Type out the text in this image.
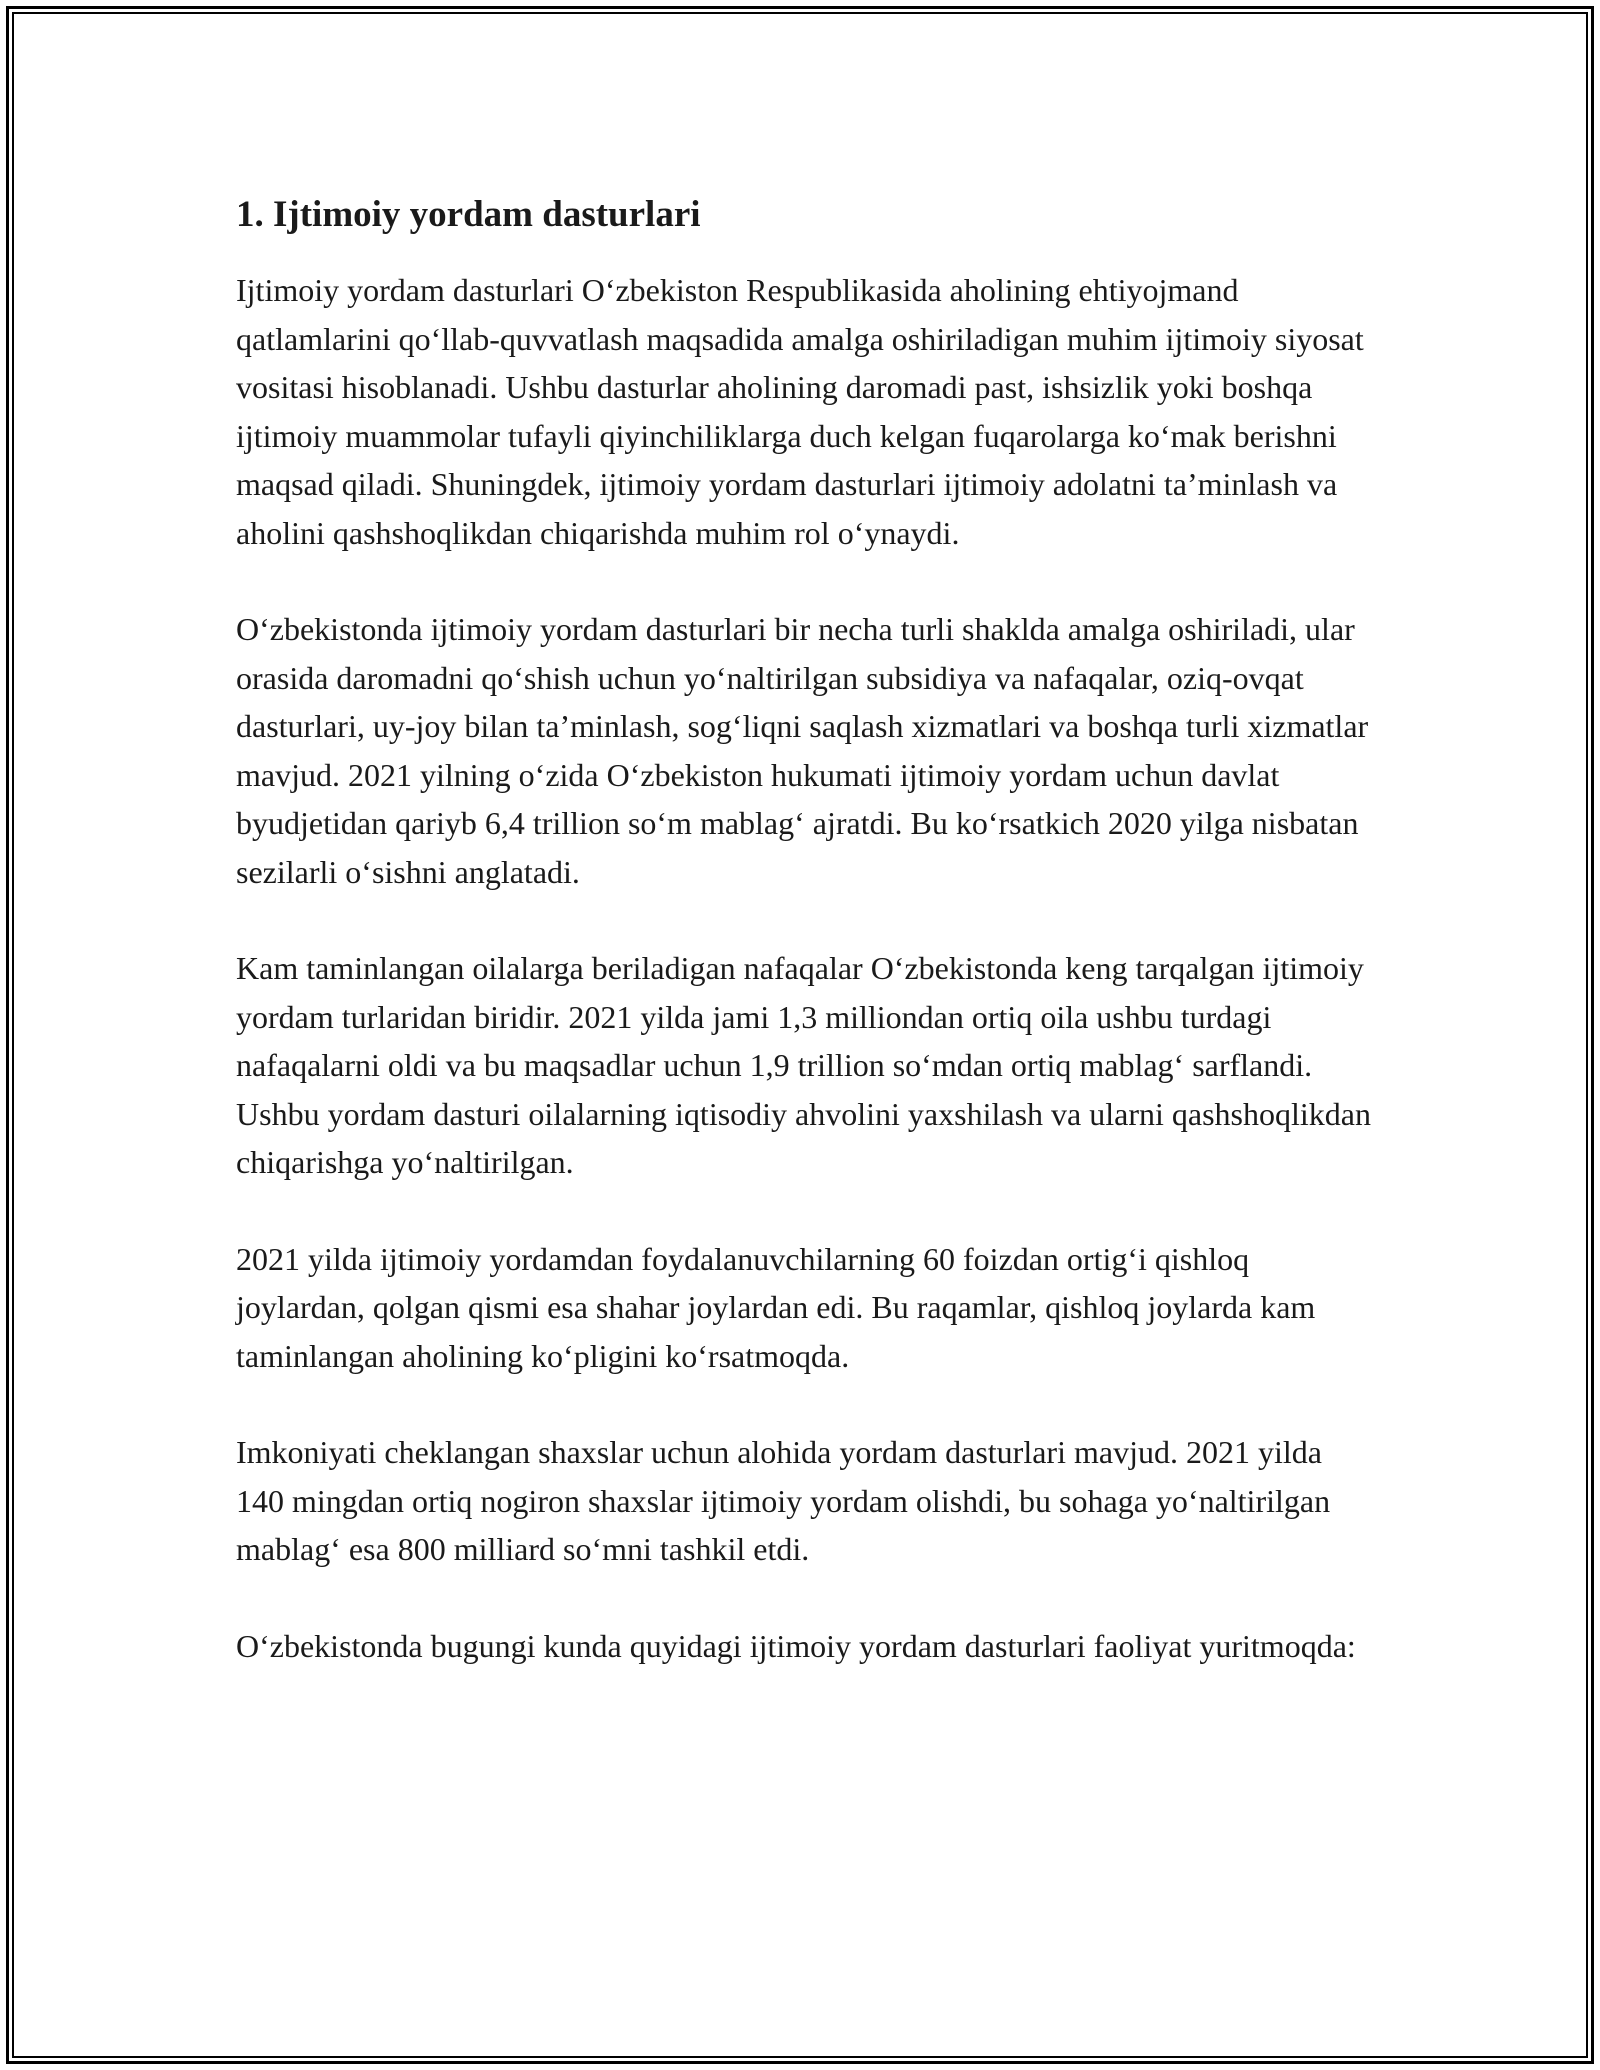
1. Ijtimoiy yordam dasturlari

Ijtimoiy yordam dasturlari O‘zbekiston Respublikasida aholining ehtiyojmand qatlamlarini qo‘llab-quvvatlash maqsadida amalga oshiriladigan muhim ijtimoiy siyosat vositasi hisoblanadi. Ushbu dasturlar aholining daromadi past, ishsizlik yoki boshqa ijtimoiy muammolar tufayli qiyinchiliklarga duch kelgan fuqarolarga ko‘mak berishni maqsad qiladi. Shuningdek, ijtimoiy yordam dasturlari ijtimoiy adolatni ta’minlash va aholini qashshoqlikdan chiqarishda muhim rol o‘ynaydi.

O‘zbekistonda ijtimoiy yordam dasturlari bir necha turli shaklda amalga oshiriladi, ular orasida daromadni qo‘shish uchun yo‘naltirilgan subsidiya va nafaqalar, oziq-ovqat dasturlari, uy-joy bilan ta’minlash, sog‘liqni saqlash xizmatlari va boshqa turli xizmatlar mavjud. 2021 yilning o‘zida O‘zbekiston hukumati ijtimoiy yordam uchun davlat byudjetidan qariyb 6,4 trillion so‘m mablag‘ ajratdi. Bu ko‘rsatkich 2020 yilga nisbatan sezilarli o‘sishni anglatadi.

Kam taminlangan oilalarga beriladigan nafaqalar O‘zbekistonda keng tarqalgan ijtimoiy yordam turlaridan biridir. 2021 yilda jami 1,3 milliondan ortiq oila ushbu turdagi nafaqalarni oldi va bu maqsadlar uchun 1,9 trillion so‘mdan ortiq mablag‘ sarflandi. Ushbu yordam dasturi oilalarning iqtisodiy ahvolini yaxshilash va ularni qashshoqlikdan chiqarishga yo‘naltirilgan.

2021 yilda ijtimoiy yordamdan foydalanuvchilarning 60 foizdan ortig‘i qishloq joylardan, qolgan qismi esa shahar joylardan edi. Bu raqamlar, qishloq joylarda kam taminlangan aholining ko‘pligini ko‘rsatmoqda.

Imkoniyati cheklangan shaxslar uchun alohida yordam dasturlari mavjud. 2021 yilda 140 mingdan ortiq nogiron shaxslar ijtimoiy yordam olishdi, bu sohaga yo‘naltirilgan mablag‘ esa 800 milliard so‘mni tashkil etdi.

O‘zbekistonda bugungi kunda quyidagi ijtimoiy yordam dasturlari faoliyat yuritmoqda:
